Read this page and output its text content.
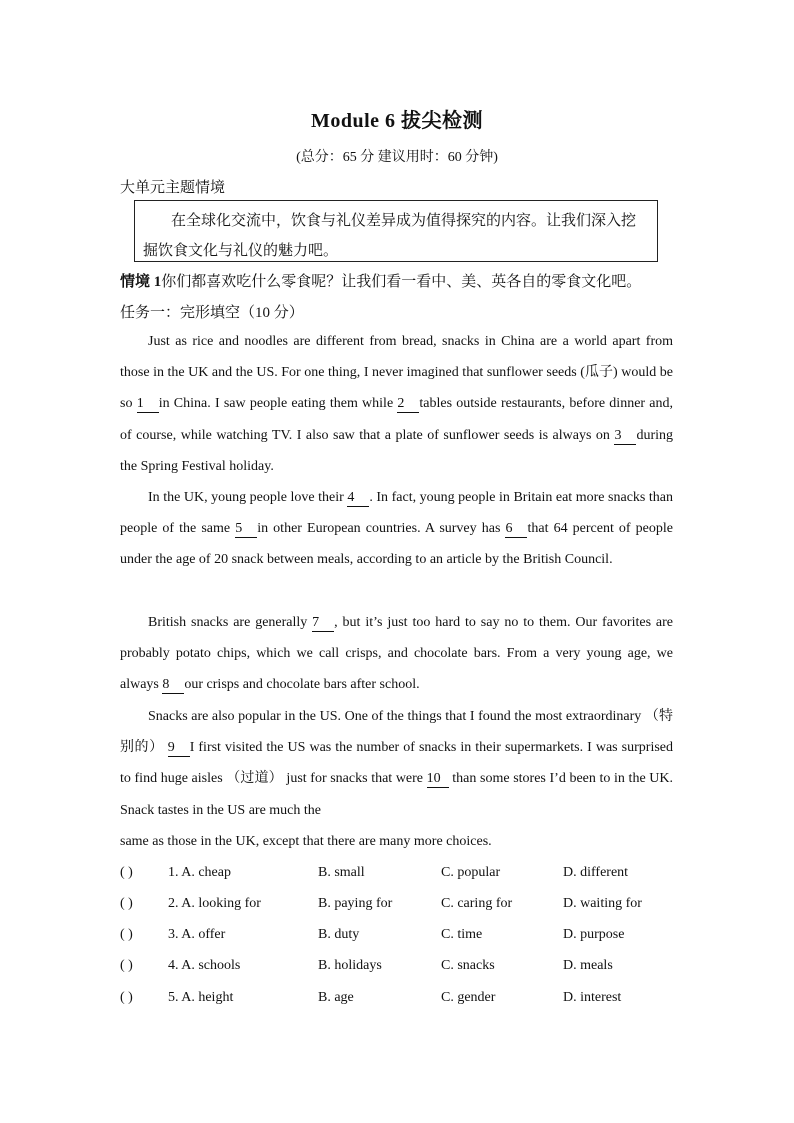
Module 6 拔尖检测
(总分：65 分 建议用时：60 分钟)
大单元主题情境
在全球化交流中，饮食与礼仪差异成为值得探究的内容。让我们深入挖掘饮食文化与礼仪的魅力吧。
情境 1你们都喜欢吃什么零食呢？让我们看一看中、美、英各自的零食文化吧。
任务一：完形填空（10 分）
Just as rice and noodles are different from bread, snacks in China are a world apart from those in the UK and the US. For one thing, I never imagined that sunflower seeds (瓜子) would be so 1 in China. I saw people eating them while 2 tables outside restaurants, before dinner and, of course, while watching TV. I also saw that a plate of sunflower seeds is always on 3 during the Spring Festival holiday.
In the UK, young people love their 4 . In fact, young people in Britain eat more snacks than people of the same 5 in other European countries. A survey has 6 that 64 percent of people under the age of 20 snack between meals, according to an article by the British Council.
British snacks are generally 7 , but it’s just too hard to say no to them. Our favorites are probably potato chips, which we call crisps, and chocolate bars. From a very young age, we always 8 our crisps and chocolate bars after school.
Snacks are also popular in the US. One of the things that I found the most extraordinary （特别的） 9 I first visited the US was the number of snacks in their supermarkets. I was surprised to find huge aisles （过道） just for snacks that were 10 than some stores I’d been to in the UK. Snack tastes in the US are much the
same as those in the UK, except that there are many more choices.
( )	1. A. cheap	B. small	C. popular	D. different
( )	2. A. looking for	B. paying for	C. caring for	D. waiting for
( )	3. A. offer	B. duty	C. time	D. purpose
( )	4. A. schools	B. holidays	C. snacks	D. meals
( )	5. A. height	B. age	C. gender	D. interest
